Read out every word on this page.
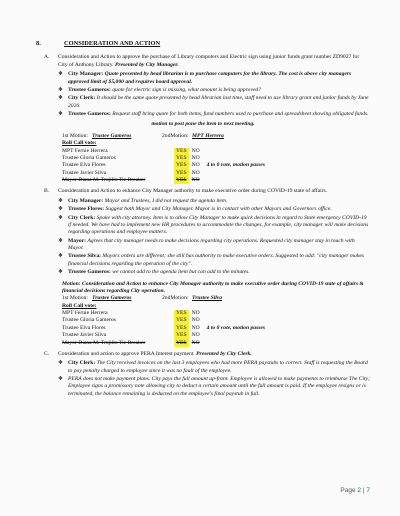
8.	CONSIDERATION AND ACTION
A.	Consideration and Action to approve the purchase of Library computers and Electric sign using junior funds grant number ZD9027 for City of Anthony Library. Presented by City Manager.
❖ City Manager: Quote presented by head librarian is to purchase computers for the library. The cost is above city managers approved limit of $5,000 and requires board approval.
❖ Trustee Gameros: quote for electric sign is missing, what amount is being approved?
❖ City Clerk: It should be the same quote presented by head librarian last time, staff need to use library grant and junior funds by June 2020.
❖ Trustee Gameros: Request staff bring quote for both items, fund numbers used to purchase and spreadsheet showing obligated funds.
motion to post pone the item to next meeting.
1st Motion: Trustee Gameros	2ndMotion: MPT Herrera
Roll Call vote:
MPT Fernie Herrera	YES	NO	
Trustee Gloria Gameros	YES	NO	
Trustee Elva Flores	YES	NO	4 to 0 vote, motion passes
Trustee Javier Silva	YES	NO	
Mayor Diana M. Trujillo Tie Breaker	YES	NO	
B.	Consideration and Action to enhance City Manager authority to make executive order during COVID-19 state of affairs.
❖ City Manager: Mayor and Trustees, I did not request the agenda item.
❖ Trustee Flores: Suggest both Mayor and City Manager. Mayor is in contact with other Mayors and Governors office.
❖ City Clerk: Spoke with city attorney. Item is to allow City Manager to make quick decisions in regard to State emergency COVID-19 if needed. We have had to implement new HR procedures to accommodate the changes, for example, city manager will make decisions regarding operations and employee matters.
❖ Mayor: Agrees that city manager needs to make decisions regarding city operations. Requested city manager stay in touch with Mayor.
❖ Trustee Silva: Mayors orders are different; she still has authority to make executive orders. Suggested to add: "city manager makes financial decisions regarding the operation of the city".
❖ Trustee Gameros: we cannot add to the agenda item but can add to the minutes.
Motion: Consideration and Action to enhance City Manager authority to make executive order during COVID-19 state of affairs & financial decisions regarding City operation.
1st Motion: Trustee Gameros	2ndMotion: Trustee Silva
Roll Call vote:
MPT Fernie Herrera	YES	NO	
Trustee Gloria Gameros	YES	NO	
Trustee Elva Flores	YES	NO	4 to 0 vote, motion passes
Trustee Javier Silva	YES	NO	
Mayor Diana M. Trujillo Tie Breaker	YES	NO	
C.	Consideration and action to approve PERA Interest payment. Presented by City Clerk.
❖ City Clerk: The City received invoices on the last 3 employees who had more PERA paystubs to correct. Staff is requesting the Board to pay penalty charged to employee since it was no fault of the employee.
❖ PERA does not make payment plans. City pays the full amount up-front. Employee is allowed to make payments to reimburse The City; Employee signs a promissory note allowing city to deduct a certain amount until the full amount is paid. If the employee resigns or is terminated, the balance remaining is deducted on the employee's final paystub in full.
Page 2 | 7
